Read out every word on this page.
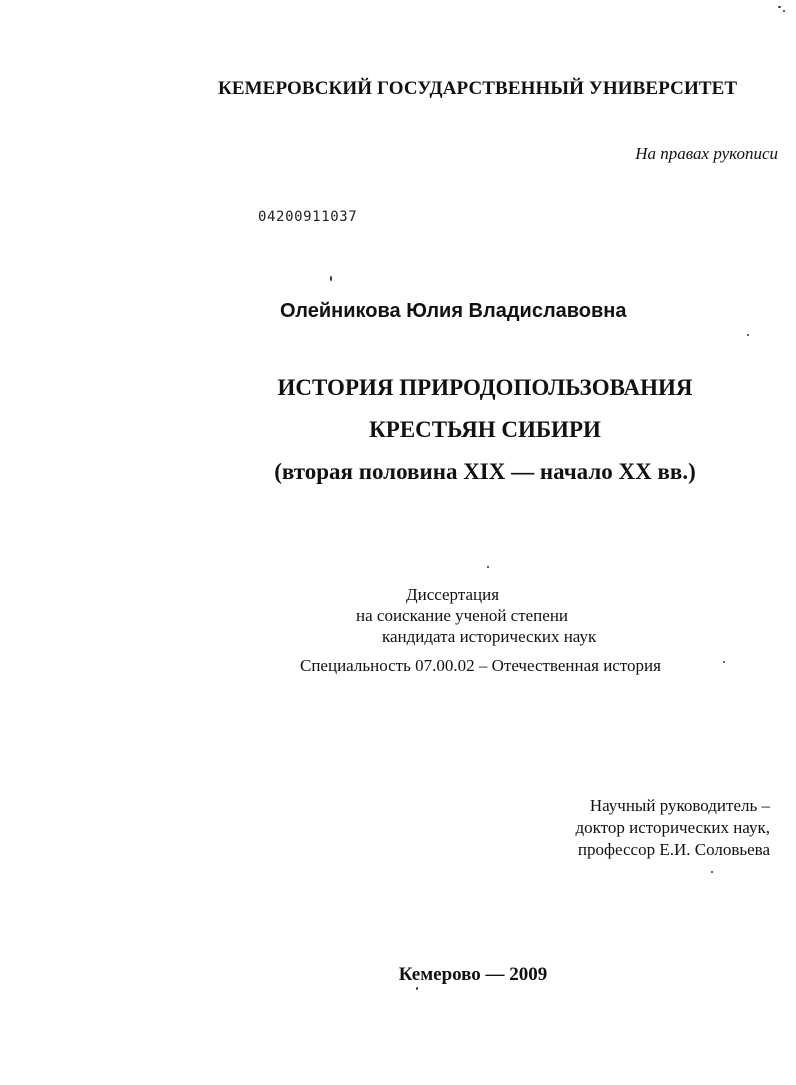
КЕМЕРОВСКИЙ ГОСУДАРСТВЕННЫЙ УНИВЕРСИТЕТ
На правах рукописи
04200911037
Олейникова Юлия Владиславовна
ИСТОРИЯ ПРИРОДОПОЛЬЗОВАНИЯ
КРЕСТЬЯН СИБИРИ
(вторая половина XIX — начало XX вв.)
Диссертация
на соискание ученой степени
кандидата исторических наук
Специальность 07.00.02 – Отечественная история
Научный руководитель –
доктор исторических наук,
профессор Е.И. Соловьева
Кемерово — 2009
